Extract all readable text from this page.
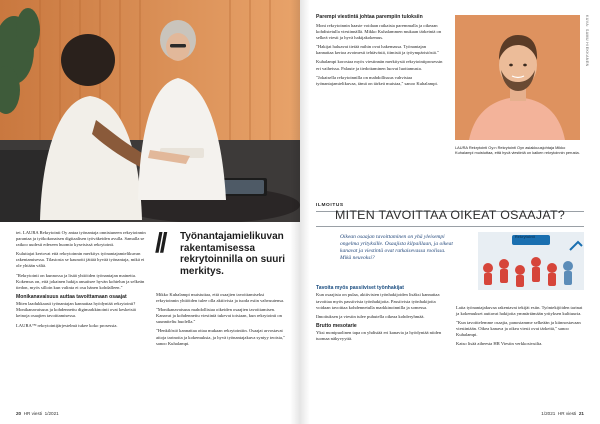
tet. LAURA Rekrytointi Oy antaa työnantaja onnistuneen rekrytoinnin parantaa ja työkokonaisen digitaalisen työväkeiden avulla. Samalla se ratkoo uudesti edeseen huomio kyseisissä rekrytointi.

Kuluttajat kertovat että rekrytoinnin merkitys työnantajamielikuvan rakentamisessa. Tilastosta se kaunotti jättää hyvää työnantaja, mikä ei ole yhtään väliä.

"Rekrytointi on kunnossa ja lisää yhtiöiden työnantajan mainetta. Kokemus on, että jokainen hakija ansaitsee hyvän kohtelun ja selkeän tiedon, myös silloin kun valinta ei osu hänen kohdalleen."

Monikanavaisuus auttaa tavoittamaan osaajat

Miten laadukkaasti työnantajan kannattaa hyödyntää rekrytointi? Monikanavaisuus ja kohdennettu digimarkkinointi ovat keskeisiä keinoja osaajien tavoittamisessa.

LAURA™ rekrytointijärjestelmä tukee koko prosessia.

// Työnantajamielikuvan rakentamisessa rekrytoinnilla on suuri merkitys.

Mikko Kuhalampi muistuttaa, että osaajien tavoittamiseksi rekrytoinnin yhtiöiden tulee olla aktiivisia ja tuoda esiin vahvuutensa.

"Monikanavaisuus mahdollistaa oikeiden osaajien tavoittamisen. Kanavat ja kohdennettu viestintä tukevat toisiaan, kun rekrytointi on suunniteltu huolella."

"Henkilöstö kannattaa ottaa mukaan rekrytointiin. Osaajat arvostavat aitoja tarinoita ja kokemuksia, ja hyvä työnantajakuva syntyy teoista," sanoo Kuhalampi.

20 HR viesti 1/2021
Parempi viestintä johtaa parempiin tuloksiin

Moni rekrytoinnin haaste voidaan ratkaista paremmalla ja oikeaan kohdistetulla viestinnällä. Mikko Kuhalammen mukaan tärkeintä on selkeä viesti ja hyvä hakijakokemus.

"Hakijat haluavat tietää mihin ovat hakemassa. Työnantajan kannattaa kertoa avoimesti tehtävästä, tiimistä ja työympäristöstä."

Kuhalampi korostaa myös viestinnän merkitystä rekrytointiprosessin eri vaiheissa. Palaute ja tiedottaminen luovat luottamusta.

"Jokaisella rekrytoinnilla on mahdollisuus vahvistaa työnantajamielikuvaa, tämä on tärkeä muistaa," sanoo Kuhalampi.

KUVA: SAMU HIEKKANEN
LAURA Rekrytointi Oy:n Rekrytointi Oyn asiakkuusjohtaja Mikko Kuhalampi muistuttaa, että hyvä viestintä on kaiken rekrytoinnin perusta.
ILMOITUS
MITEN TAVOITTAA OIKEAT OSAAJAT?
Oikean osaajan tavoittaminen on yhä yleisempi ongelma yrityksille. Osaajista kilpaillaan, ja oikeat kanavat ja viestintä ovat ratkaisevassa roolissa. Mikä neuvoksi?
Rekrytointi
Tavoita myös passiiviset työnhakijat

Kun osaajista on pulaa, aktiivisten työnhakijoiden lisäksi kannattaa tavoittaa myös passiivisia työnhakijoita. Passiivisia työnhakijoita voidaan tavoittaa kohdennetulla markkinoinnilla ja somessa.

Ilmoituksen ja viestin tulee puhutella oikeaa kohderyhmää.

Brutto mesotarie

Yksi monipuolinen tapa on yhdistää eri kanavia ja hyödyntää niiden tuomaa näkyvyyttä.

Laita työnantajakuvaa rakentavat tekijät esiin. Työntekijöiden tarinat ja kokemukset auttavat hakijoita ymmärtämään yrityksen kulttuuria.

"Kun tavoittelemme osaajia, panostamme selkeään ja kiinnostavaan viestintään. Oikea kanava ja oikea viesti ovat tärkeitä," sanoo Kuhalampi.

Katso lisää aiheesta HR Viestin verkkosivuilta.

1/2021 HR viesti 21
